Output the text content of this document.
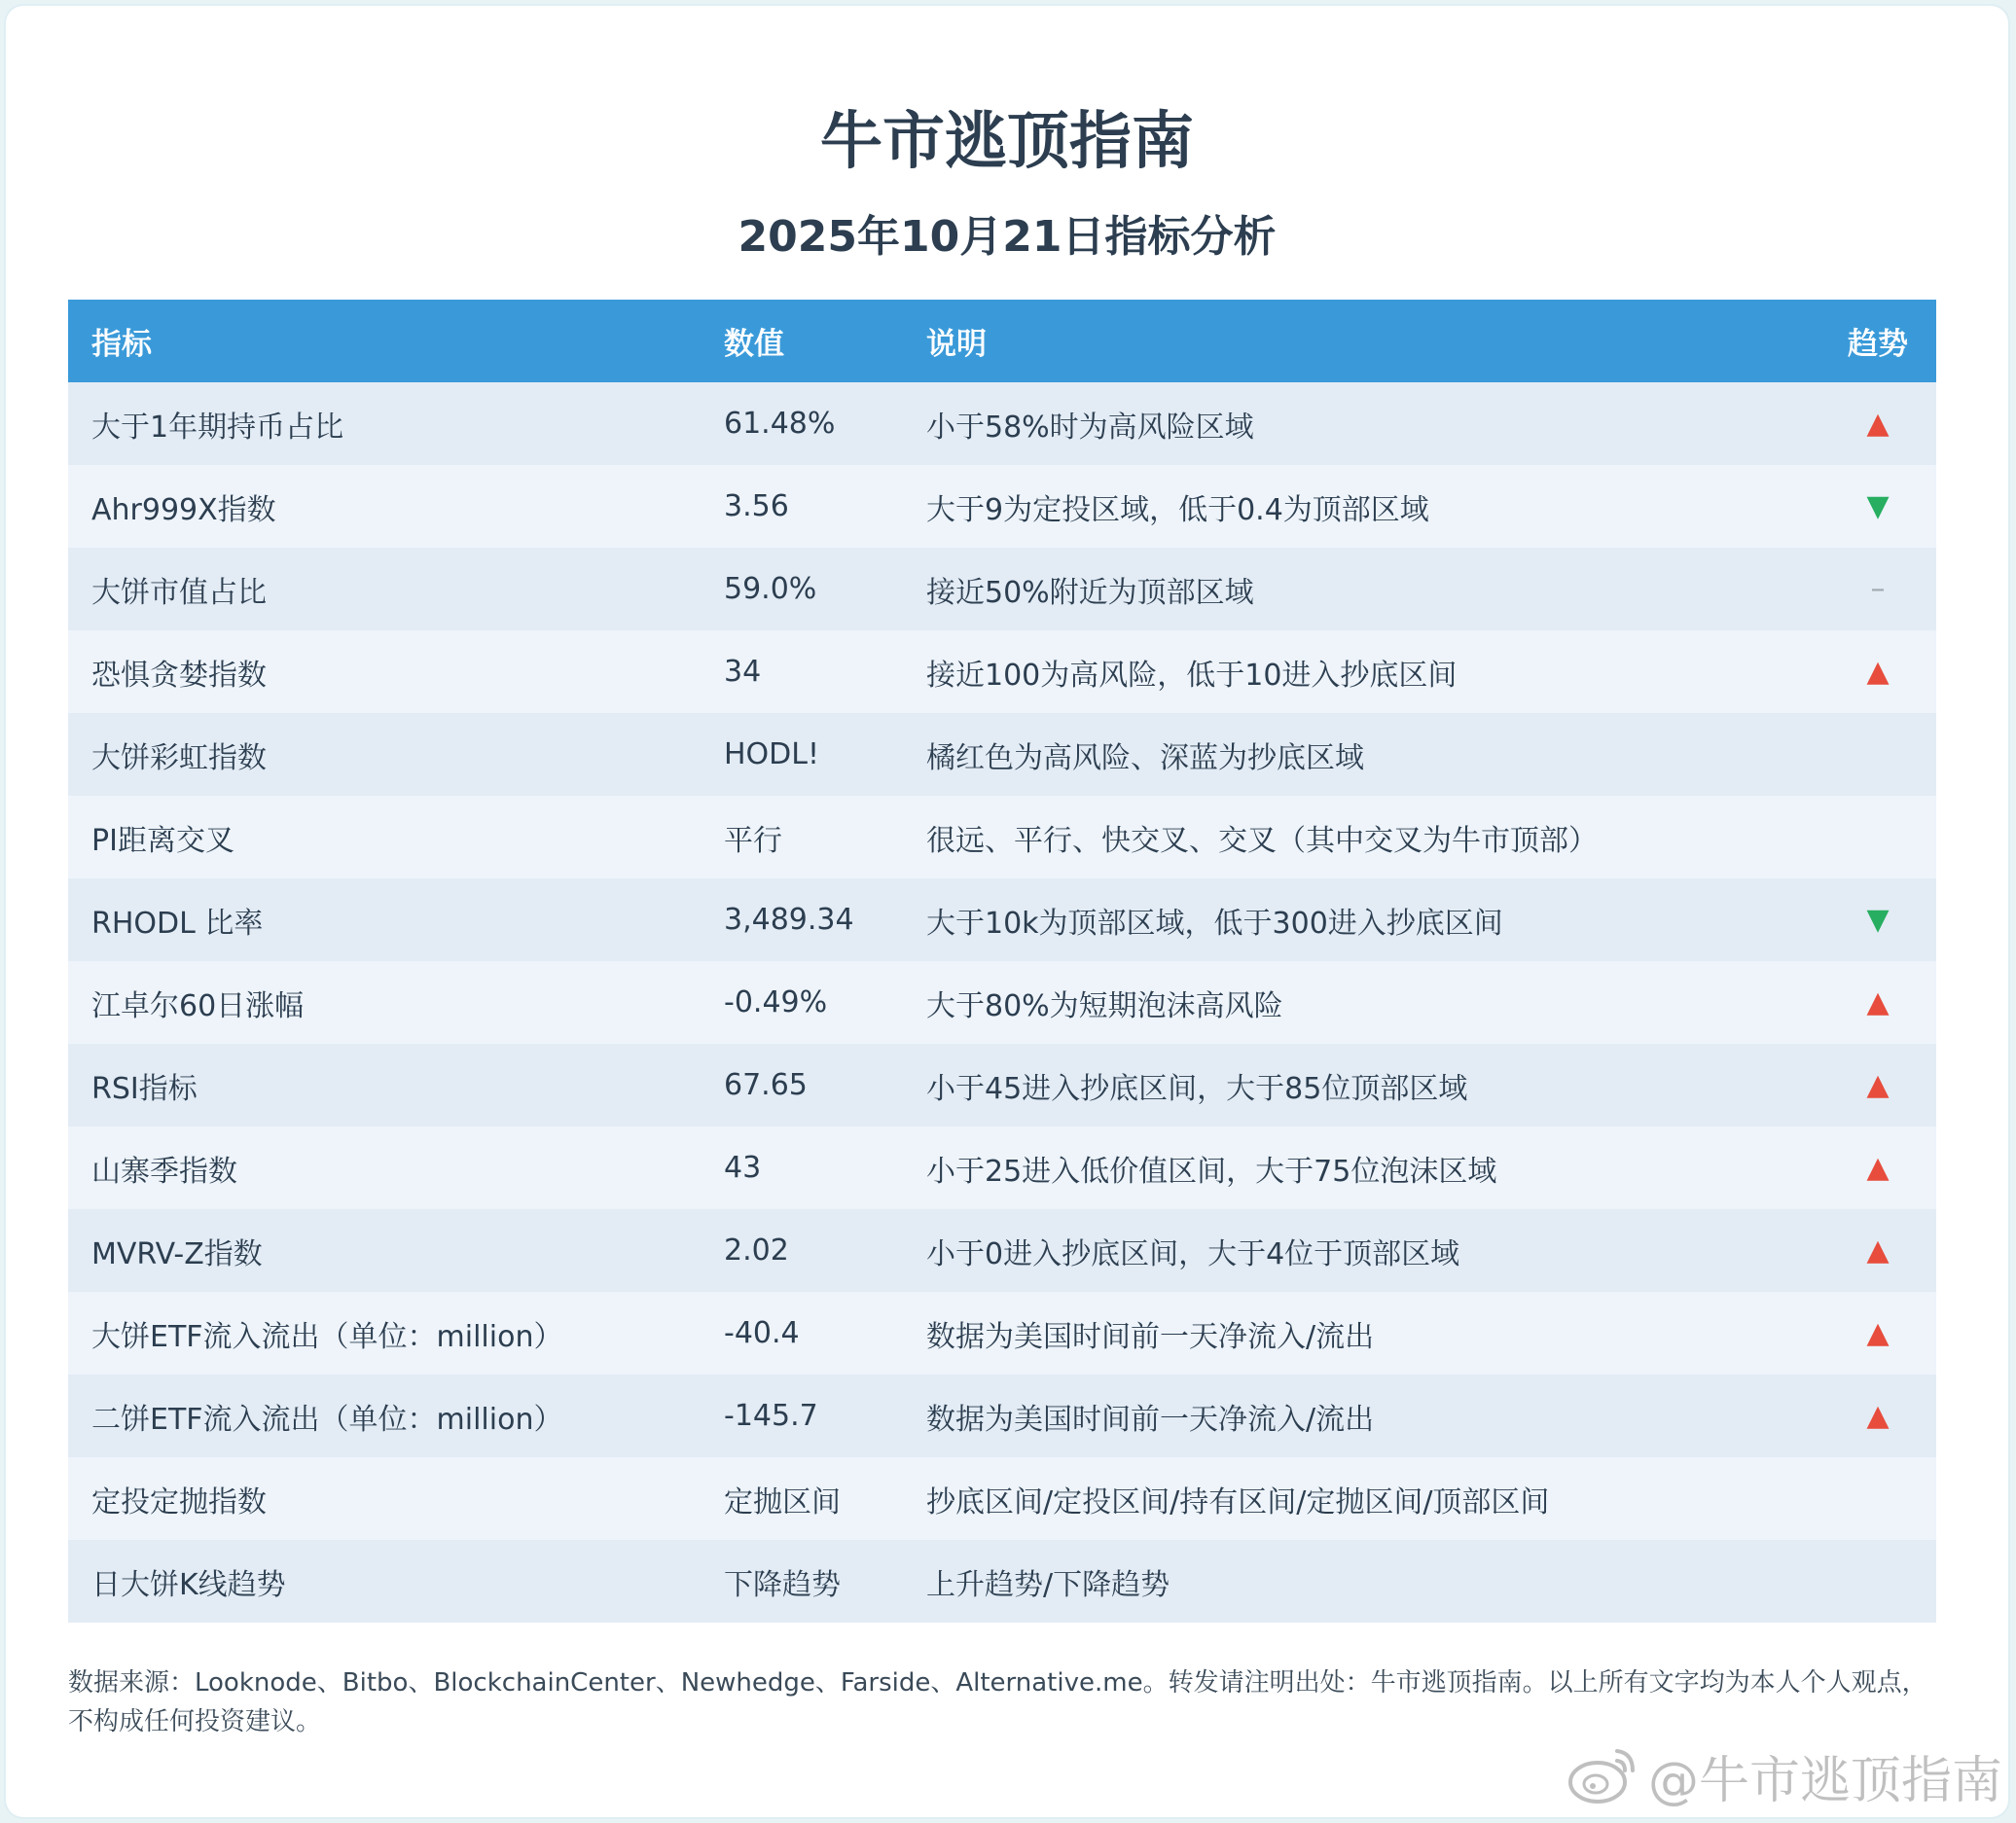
牛市逃顶指南
2025年10月21日指标分析
指标	数值	说明	趋势
大于1年期持币占比	61.48%	小于58%时为高风险区域	▲
Ahr999X指数	3.56	大于9为定投区域，低于0.4为顶部区域	▼
大饼市值占比	59.0%	接近50%附近为顶部区域	–
恐惧贪婪指数	34	接近100为高风险，低于10进入抄底区间	▲
大饼彩虹指数	HODL!	橘红色为高风险、深蓝为抄底区域	
PI距离交叉	平行	很远、平行、快交叉、交叉（其中交叉为牛市顶部）	
RHODL 比率	3,489.34	大于10k为顶部区域，低于300进入抄底区间	▼
江卓尔60日涨幅	-0.49%	大于80%为短期泡沫高风险	▲
RSI指标	67.65	小于45进入抄底区间，大于85位顶部区域	▲
山寨季指数	43	小于25进入低价值区间，大于75位泡沫区域	▲
MVRV-Z指数	2.02	小于0进入抄底区间，大于4位于顶部区域	▲
大饼ETF流入流出（单位：million）	-40.4	数据为美国时间前一天净流入/流出	▲
二饼ETF流入流出（单位：million）	-145.7	数据为美国时间前一天净流入/流出	▲
定投定抛指数	定抛区间	抄底区间/定投区间/持有区间/定抛区间/顶部区间	
日大饼K线趋势	下降趋势	上升趋势/下降趋势	
数据来源：Looknode、Bitbo、BlockchainCenter、Newhedge、Farside、Alternative.me。转发请注明出处：牛市逃顶指南。以上所有文字均为本人个人观点，不构成任何投资建议。
@牛市逃顶指南
